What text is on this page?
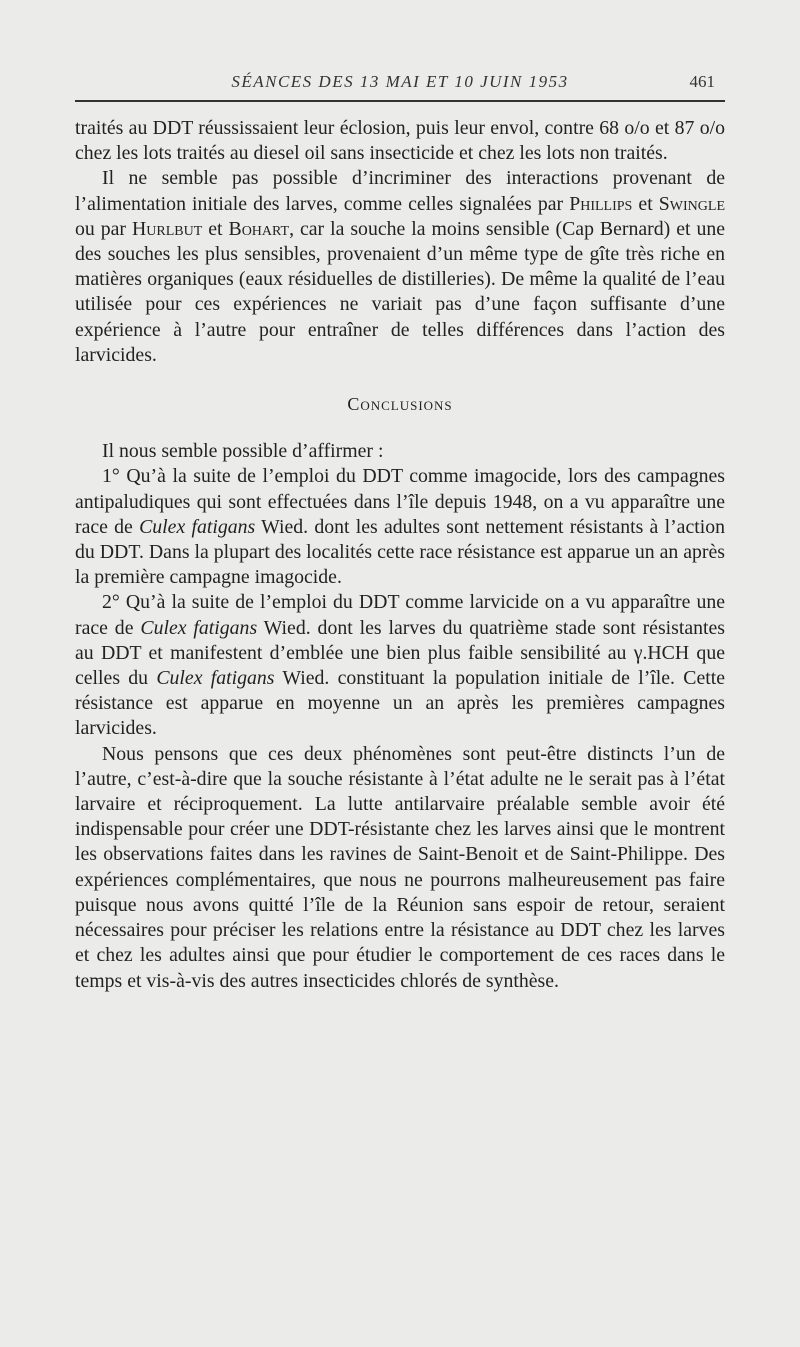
SÉANCES DES 13 MAI ET 10 JUIN 1953	461

traités au DDT réussissaient leur éclosion, puis leur envol, contre 68 o/o et 87 o/o chez les lots traités au diesel oil sans insecticide et chez les lots non traités.

Il ne semble pas possible d’incriminer des interactions provenant de l’alimentation initiale des larves, comme celles signalées par Phillips et Swingle ou par Hurlbut et Bohart, car la souche la moins sensible (Cap Bernard) et une des souches les plus sensibles, provenaient d’un même type de gîte très riche en matières organiques (eaux résiduelles de distilleries). De même la qualité de l’eau utilisée pour ces expériences ne variait pas d’une façon suffisante d’une expérience à l’autre pour entraîner de telles différences dans l’action des larvicides.

Conclusions

Il nous semble possible d’affirmer :

1° Qu’à la suite de l’emploi du DDT comme imagocide, lors des campagnes antipaludiques qui sont effectuées dans l’île depuis 1948, on a vu apparaître une race de Culex fatigans Wied. dont les adultes sont nettement résistants à l’action du DDT. Dans la plupart des localités cette race résistance est apparue un an après la première campagne imagocide.

2° Qu’à la suite de l’emploi du DDT comme larvicide on a vu apparaître une race de Culex fatigans Wied. dont les larves du quatrième stade sont résistantes au DDT et manifestent d’emblée une bien plus faible sensibilité au γ.HCH que celles du Culex fatigans Wied. constituant la population initiale de l’île. Cette résistance est apparue en moyenne un an après les premières campagnes larvicides.

Nous pensons que ces deux phénomènes sont peut-être distincts l’un de l’autre, c’est-à-dire que la souche résistante à l’état adulte ne le serait pas à l’état larvaire et réciproquement. La lutte antilarvaire préalable semble avoir été indispensable pour créer une DDT-résistante chez les larves ainsi que le montrent les observations faites dans les ravines de Saint-Benoit et de Saint-Philippe. Des expériences complémentaires, que nous ne pourrons malheureusement pas faire puisque nous avons quitté l’île de la Réunion sans espoir de retour, seraient nécessaires pour préciser les relations entre la résistance au DDT chez les larves et chez les adultes ainsi que pour étudier le comportement de ces races dans le temps et vis-à-vis des autres insecticides chlorés de synthèse.
